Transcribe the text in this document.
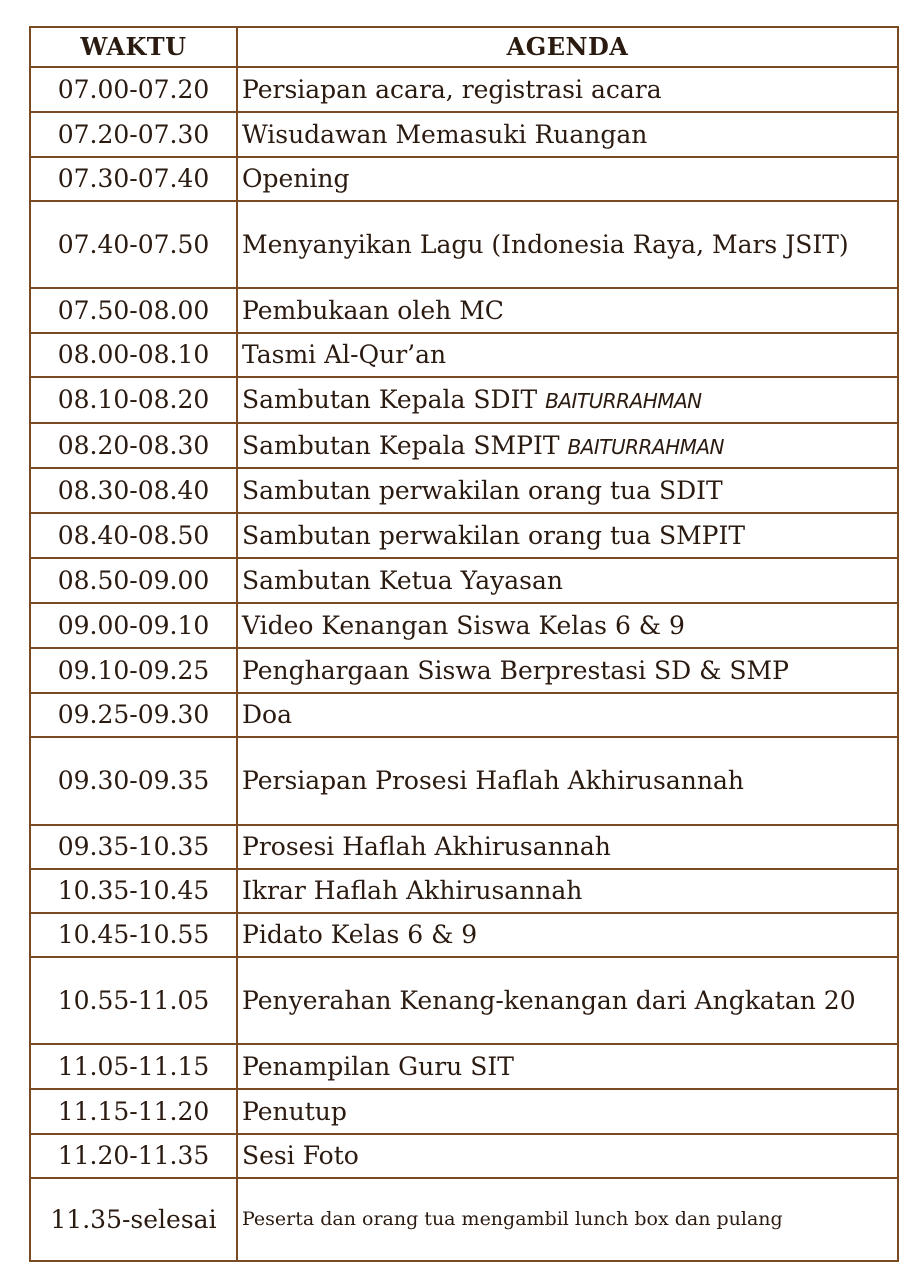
WAKTU	AGENDA
07.00-07.20	Persiapan acara, registrasi acara
07.20-07.30	Wisudawan Memasuki Ruangan
07.30-07.40	Opening
07.40-07.50	Menyanyikan Lagu (Indonesia Raya, Mars JSIT)
07.50-08.00	Pembukaan oleh MC
08.00-08.10	Tasmi Al-Qur’an
08.10-08.20	Sambutan Kepala SDIT BAITURRAHMAN
08.20-08.30	Sambutan Kepala SMPIT BAITURRAHMAN
08.30-08.40	Sambutan perwakilan orang tua SDIT
08.40-08.50	Sambutan perwakilan orang tua SMPIT
08.50-09.00	Sambutan Ketua Yayasan
09.00-09.10	Video Kenangan Siswa Kelas 6 & 9
09.10-09.25	Penghargaan Siswa Berprestasi SD & SMP
09.25-09.30	Doa
09.30-09.35	Persiapan Prosesi Haflah Akhirusannah
09.35-10.35	Prosesi Haflah Akhirusannah
10.35-10.45	Ikrar Haflah Akhirusannah
10.45-10.55	Pidato Kelas 6 & 9
10.55-11.05	Penyerahan Kenang-kenangan dari Angkatan 20
11.05-11.15	Penampilan Guru SIT
11.15-11.20	Penutup
11.20-11.35	Sesi Foto
11.35-selesai	Peserta dan orang tua mengambil lunch box dan pulang
